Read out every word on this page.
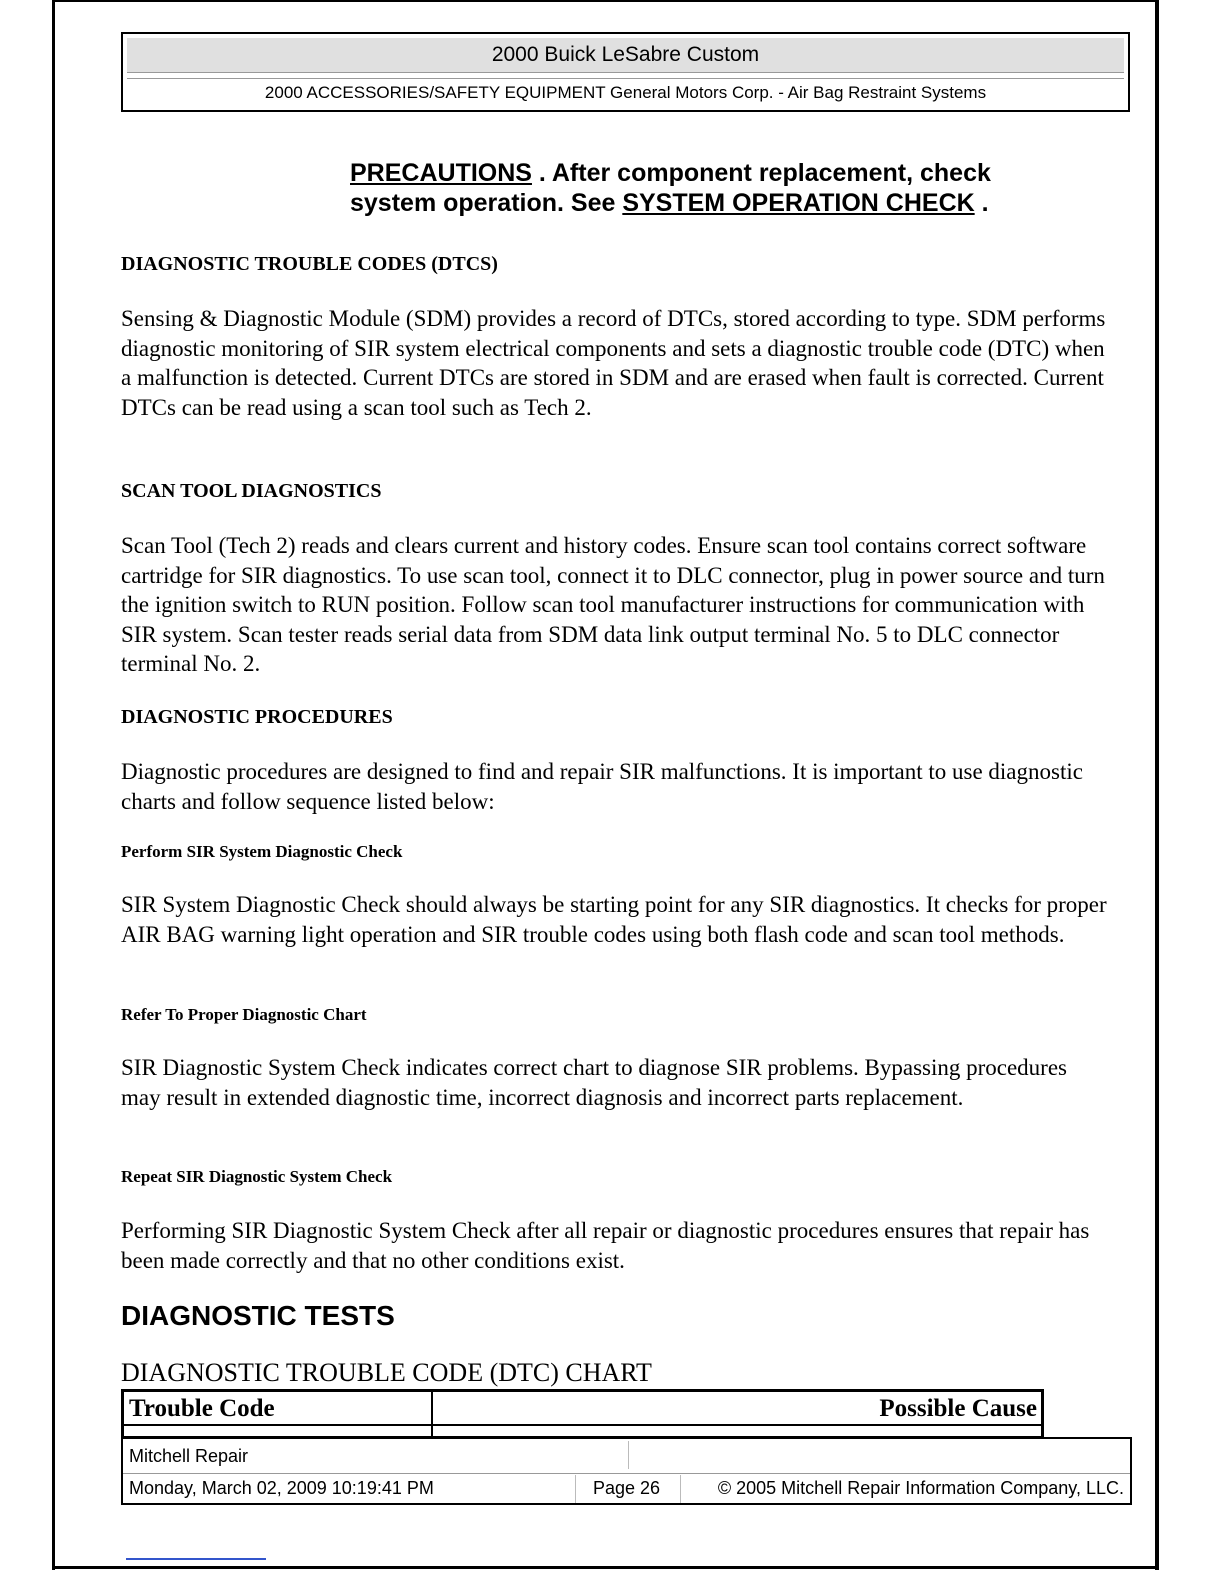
2000 Buick LeSabre Custom
2000 ACCESSORIES/SAFETY EQUIPMENT General Motors Corp. - Air Bag Restraint Systems
PRECAUTIONS . After component replacement, check system operation. See SYSTEM OPERATION CHECK .
DIAGNOSTIC TROUBLE CODES (DTCS)

Sensing & Diagnostic Module (SDM) provides a record of DTCs, stored according to type. SDM performs diagnostic monitoring of SIR system electrical components and sets a diagnostic trouble code (DTC) when a malfunction is detected. Current DTCs are stored in SDM and are erased when fault is corrected. Current DTCs can be read using a scan tool such as Tech 2.

SCAN TOOL DIAGNOSTICS

Scan Tool (Tech 2) reads and clears current and history codes. Ensure scan tool contains correct software cartridge for SIR diagnostics. To use scan tool, connect it to DLC connector, plug in power source and turn the ignition switch to RUN position. Follow scan tool manufacturer instructions for communication with SIR system. Scan tester reads serial data from SDM data link output terminal No. 5 to DLC connector terminal No. 2.

DIAGNOSTIC PROCEDURES

Diagnostic procedures are designed to find and repair SIR malfunctions. It is important to use diagnostic charts and follow sequence listed below:

Perform SIR System Diagnostic Check

SIR System Diagnostic Check should always be starting point for any SIR diagnostics. It checks for proper AIR BAG warning light operation and SIR trouble codes using both flash code and scan tool methods.

Refer To Proper Diagnostic Chart

SIR Diagnostic System Check indicates correct chart to diagnose SIR problems. Bypassing procedures may result in extended diagnostic time, incorrect diagnosis and incorrect parts replacement.

Repeat SIR Diagnostic System Check

Performing SIR Diagnostic System Check after all repair or diagnostic procedures ensures that repair has been made correctly and that no other conditions exist.

DIAGNOSTIC TESTS
DIAGNOSTIC TROUBLE CODE (DTC) CHART
Trouble Code	Possible Cause
Mitchell Repair
Monday, March 02, 2009 10:19:41 PM	Page 26	© 2005 Mitchell Repair Information Company, LLC.
